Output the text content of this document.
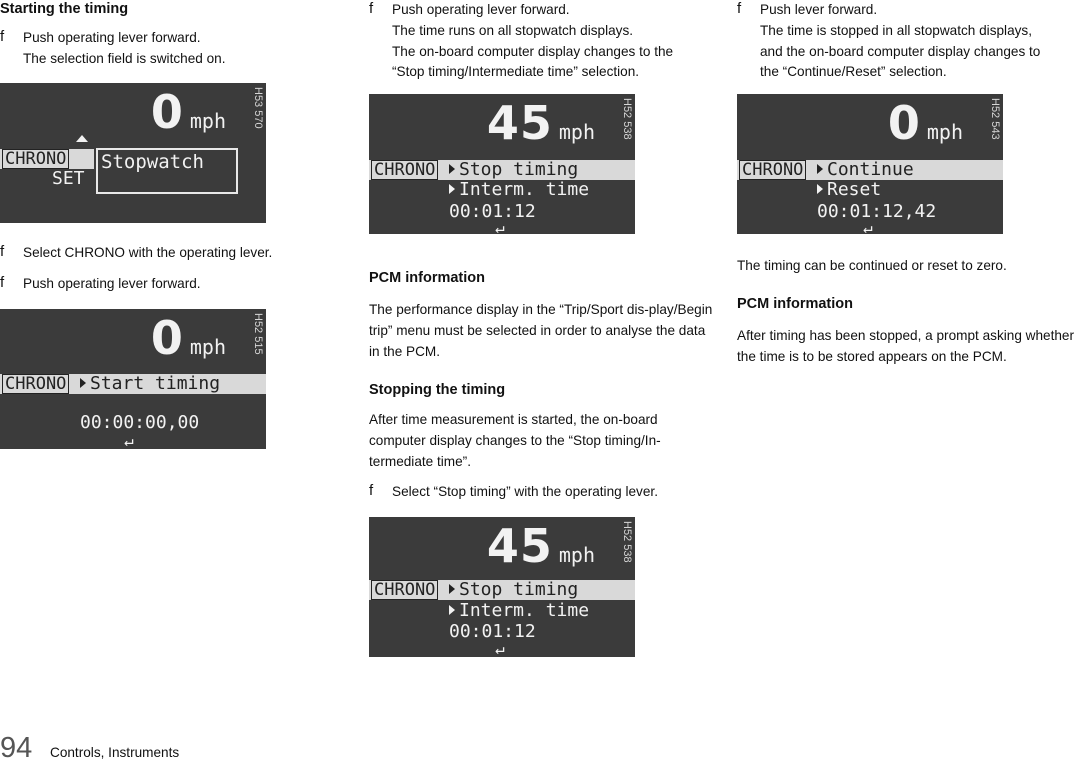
Starting the timing
f Push operating lever forward.
The selection field is switched on.
0 mph H53 570
CHRONO Stopwatch
SET
f Select CHRONO with the operating lever.
f Push operating lever forward.
0 mph H52 515
CHRONO	Start timing
00:00:00,00
↵
f Push operating lever forward.
The time runs on all stopwatch displays.
The on-board computer display changes to the
“Stop timing/Intermediate time” selection.
45 mph H52 538
CHRONO	Stop timing
Interm. time
00:01:12
↵
PCM information

The performance display in the “Trip/Sport dis-play/Begin trip” menu must be selected in order to analyse the data in the PCM.

Stopping the timing

After time measurement is started, the on-board computer display changes to the “Stop timing/In-termediate time”.

f Select “Stop timing” with the operating lever.
45 mph H52 538
CHRONO	Stop timing
Interm. time
00:01:12
↵
f Push lever forward.
The time is stopped in all stopwatch displays,
and the on-board computer display changes to
the “Continue/Reset” selection.
0 mph H52 543
CHRONO	Continue
Reset
00:01:12,42
↵

The timing can be continued or reset to zero.

PCM information

After timing has been stopped, a prompt asking whether the time is to be stored appears on the PCM.

94 Controls, Instruments
